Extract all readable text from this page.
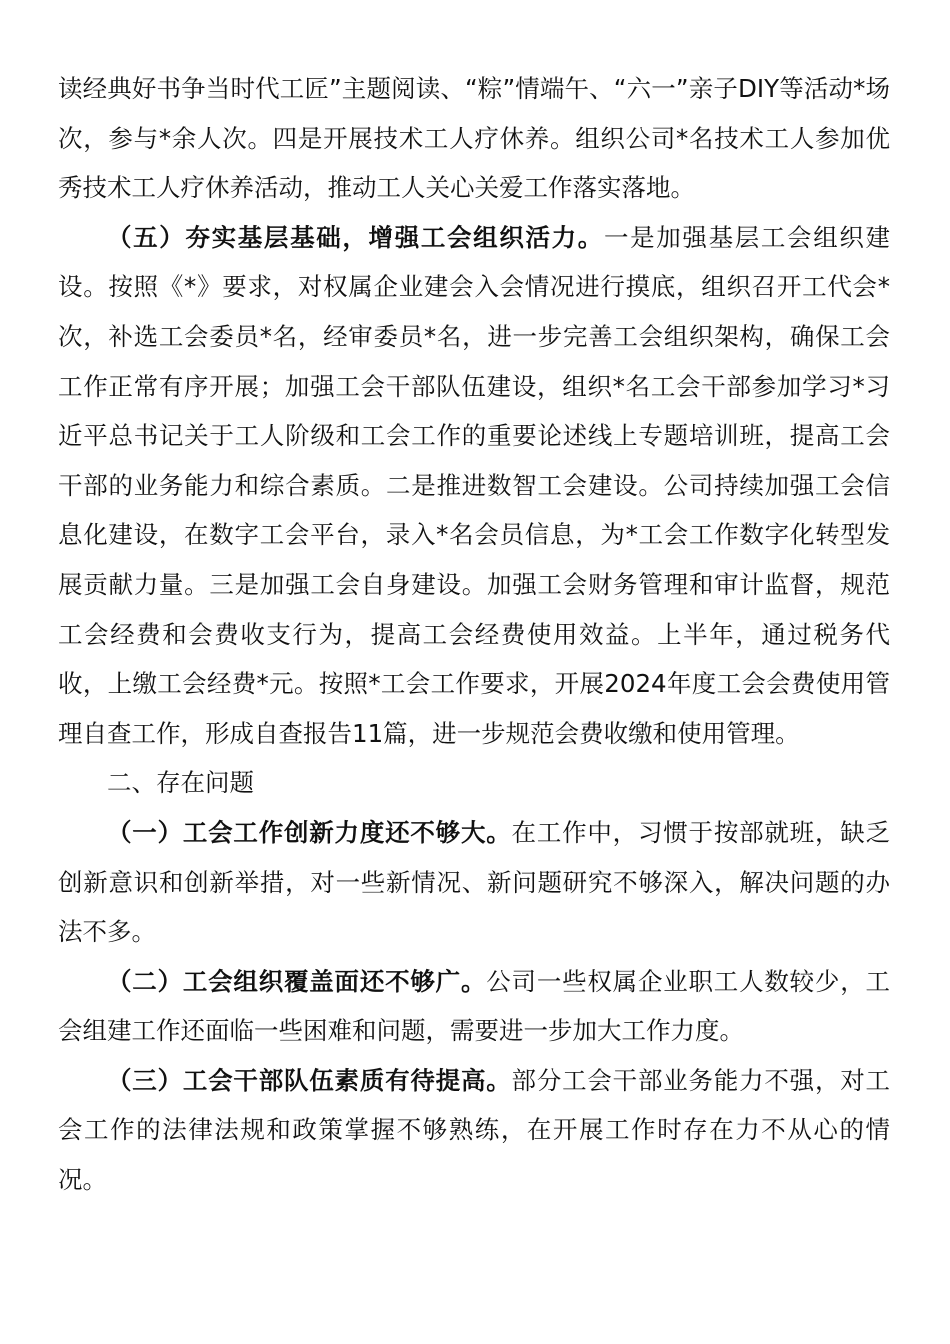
读经典好书争当时代工匠”主题阅读、“粽”情端午、“六一”亲子DIY等活动*场次，参与*余人次。四是开展技术工人疗休养。组织公司*名技术工人参加优秀技术工人疗休养活动，推动工人关心关爱工作落实落地。

（五）夯实基层基础，增强工会组织活力。一是加强基层工会组织建设。按照《*》要求，对权属企业建会入会情况进行摸底，组织召开工代会*次，补选工会委员*名，经审委员*名，进一步完善工会组织架构，确保工会工作正常有序开展；加强工会干部队伍建设，组织*名工会干部参加学习*习近平总书记关于工人阶级和工会工作的重要论述线上专题培训班，提高工会干部的业务能力和综合素质。二是推进数智工会建设。公司持续加强工会信息化建设，在数字工会平台，录入*名会员信息，为*工会工作数字化转型发展贡献力量。三是加强工会自身建设。加强工会财务管理和审计监督，规范工会经费和会费收支行为，提高工会经费使用效益。上半年，通过税务代收，上缴工会经费*元。按照*工会工作要求，开展2024年度工会会费使用管理自查工作，形成自查报告11篇，进一步规范会费收缴和使用管理。

二、存在问题

（一）工会工作创新力度还不够大。在工作中，习惯于按部就班，缺乏创新意识和创新举措，对一些新情况、新问题研究不够深入，解决问题的办法不多。

（二）工会组织覆盖面还不够广。公司一些权属企业职工人数较少，工会组建工作还面临一些困难和问题，需要进一步加大工作力度。

（三）工会干部队伍素质有待提高。部分工会干部业务能力不强，对工会工作的法律法规和政策掌握不够熟练，在开展工作时存在力不从心的情况。
